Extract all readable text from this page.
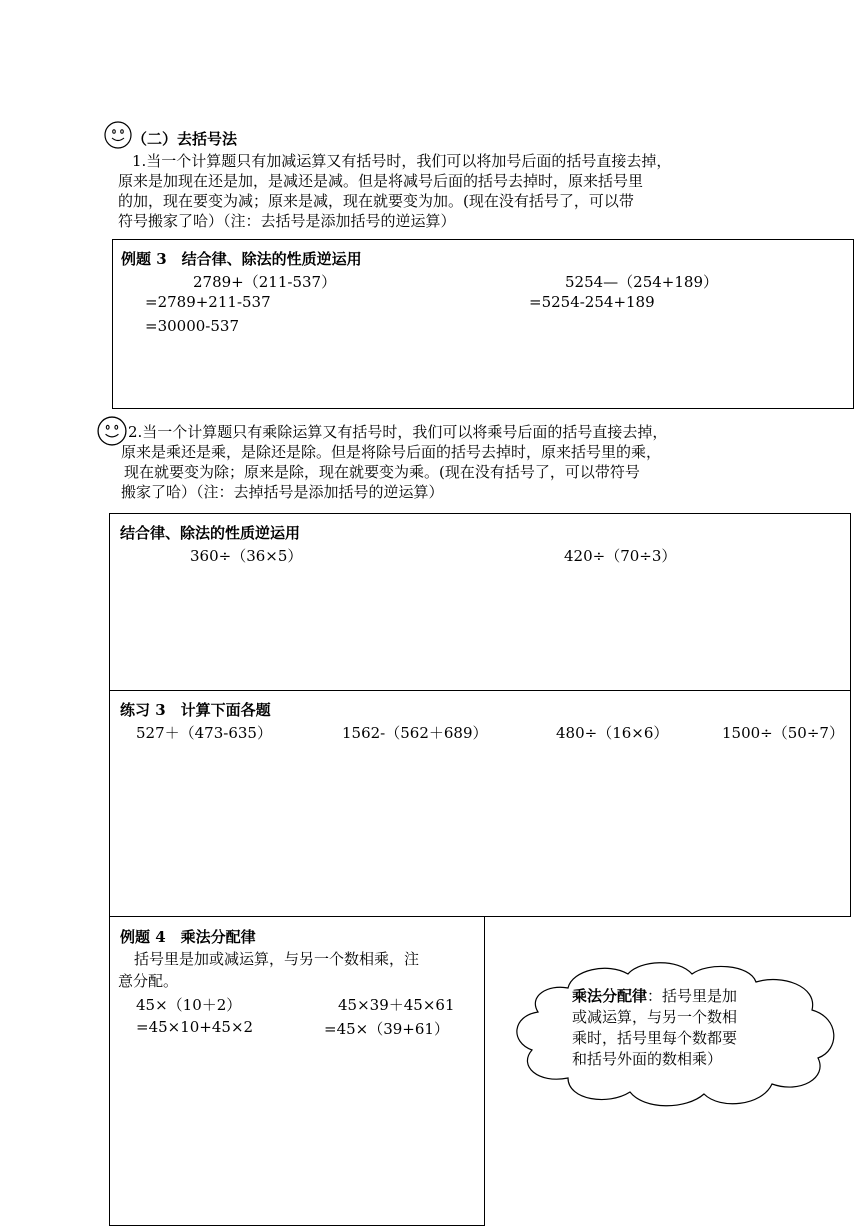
（二）去括号法
1.当一个计算题只有加减运算又有括号时，我们可以将加号后面的括号直接去掉，
原来是加现在还是加，是减还是减。但是将减号后面的括号去掉时，原来括号里
的加，现在要变为减；原来是减，现在就要变为加。(现在没有括号了，可以带
符号搬家了哈）（注：去括号是添加括号的逆运算）
例题 3　结合律、除法的性质逆运用
2789+（211-537）
=2789+211-537
=30000-537
5254—（254+189）
=5254-254+189
2.当一个计算题只有乘除运算又有括号时，我们可以将乘号后面的括号直接去掉，
原来是乘还是乘，是除还是除。但是将除号后面的括号去掉时，原来括号里的乘，
现在就要变为除；原来是除，现在就要变为乘。(现在没有括号了，可以带符号
搬家了哈）（注：去掉括号是添加括号的逆运算）
结合律、除法的性质逆运用
360÷（36×5）	420÷（70÷3）
练习 3　计算下面各题
527＋（473-635）	1562-（562＋689）	480÷（16×6）	1500÷（50÷7）
例题 4　乘法分配律
括号里是加或减运算，与另一个数相乘，注
意分配。
45×（10＋2）
=45×10+45×2
45×39＋45×61
=45×（39+61）
乘法分配律：括号里是加
或减运算，与另一个数相
乘时，括号里每个数都要
和括号外面的数相乘）
